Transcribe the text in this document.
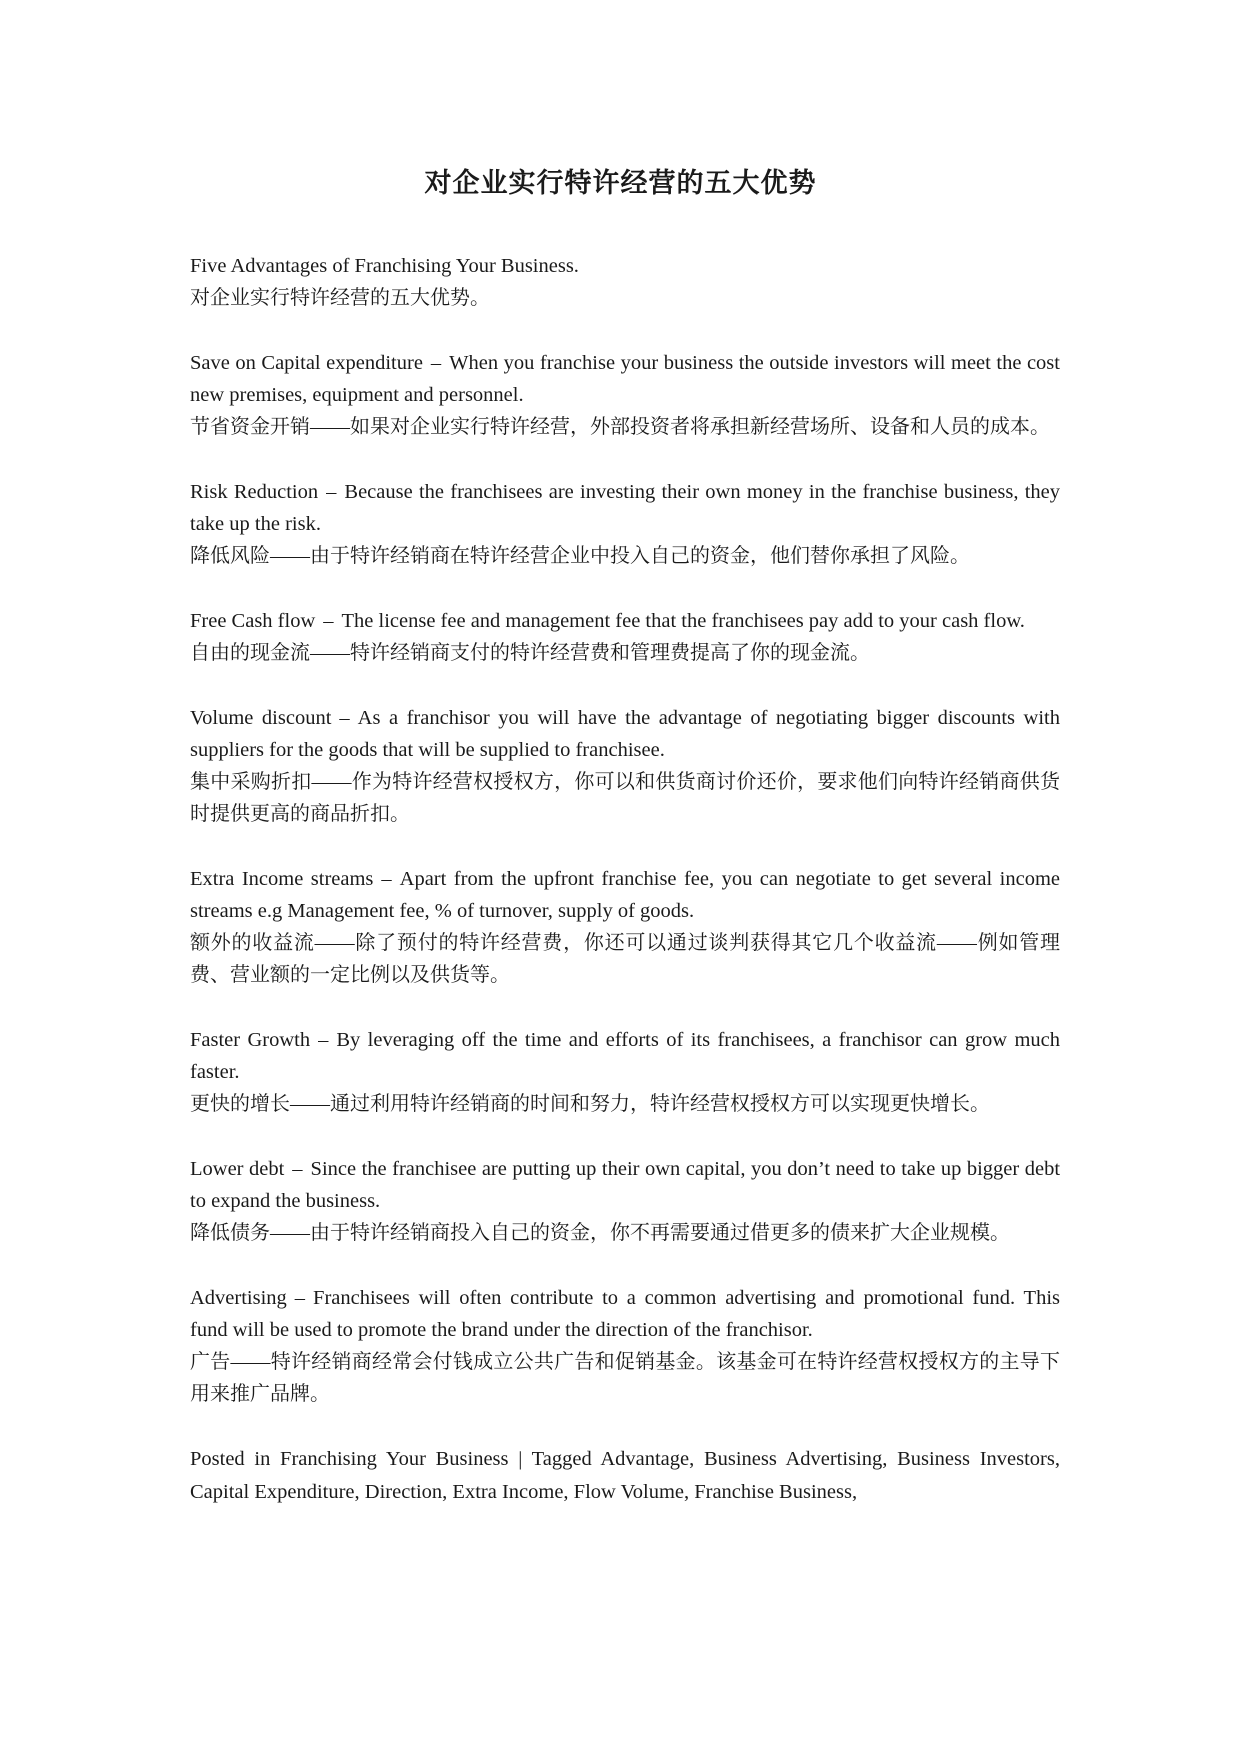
对企业实行特许经营的五大优势

Five Advantages of Franchising Your Business.

对企业实行特许经营的五大优势。

Save on Capital expenditure – When you franchise your business the outside investors will meet the cost new premises, equipment and personnel.

节省资金开销——如果对企业实行特许经营，外部投资者将承担新经营场所、设备和人员的成本。

Risk Reduction – Because the franchisees are investing their own money in the franchise business, they take up the risk.

降低风险——由于特许经销商在特许经营企业中投入自己的资金，他们替你承担了风险。

Free Cash flow – The license fee and management fee that the franchisees pay add to your cash flow.

自由的现金流——特许经销商支付的特许经营费和管理费提高了你的现金流。

Volume discount – As a franchisor you will have the advantage of negotiating bigger discounts with suppliers for the goods that will be supplied to franchisee.

集中采购折扣——作为特许经营权授权方，你可以和供货商讨价还价，要求他们向特许经销商供货时提供更高的商品折扣。

Extra Income streams – Apart from the upfront franchise fee, you can negotiate to get several income streams e.g Management fee, % of turnover, supply of goods.

额外的收益流——除了预付的特许经营费，你还可以通过谈判获得其它几个收益流——例如管理费、营业额的一定比例以及供货等。

Faster Growth – By leveraging off the time and efforts of its franchisees, a franchisor can grow much faster.

更快的增长——通过利用特许经销商的时间和努力，特许经营权授权方可以实现更快增长。

Lower debt – Since the franchisee are putting up their own capital, you don’t need to take up bigger debt to expand the business.

降低债务——由于特许经销商投入自己的资金，你不再需要通过借更多的债来扩大企业规模。

Advertising – Franchisees will often contribute to a common advertising and promotional fund. This fund will be used to promote the brand under the direction of the franchisor.

广告——特许经销商经常会付钱成立公共广告和促销基金。该基金可在特许经营权授权方的主导下用来推广品牌。

Posted in Franchising Your Business | Tagged Advantage, Business Advertising, Business Investors, Capital Expenditure, Direction, Extra Income, Flow Volume, Franchise Business,
